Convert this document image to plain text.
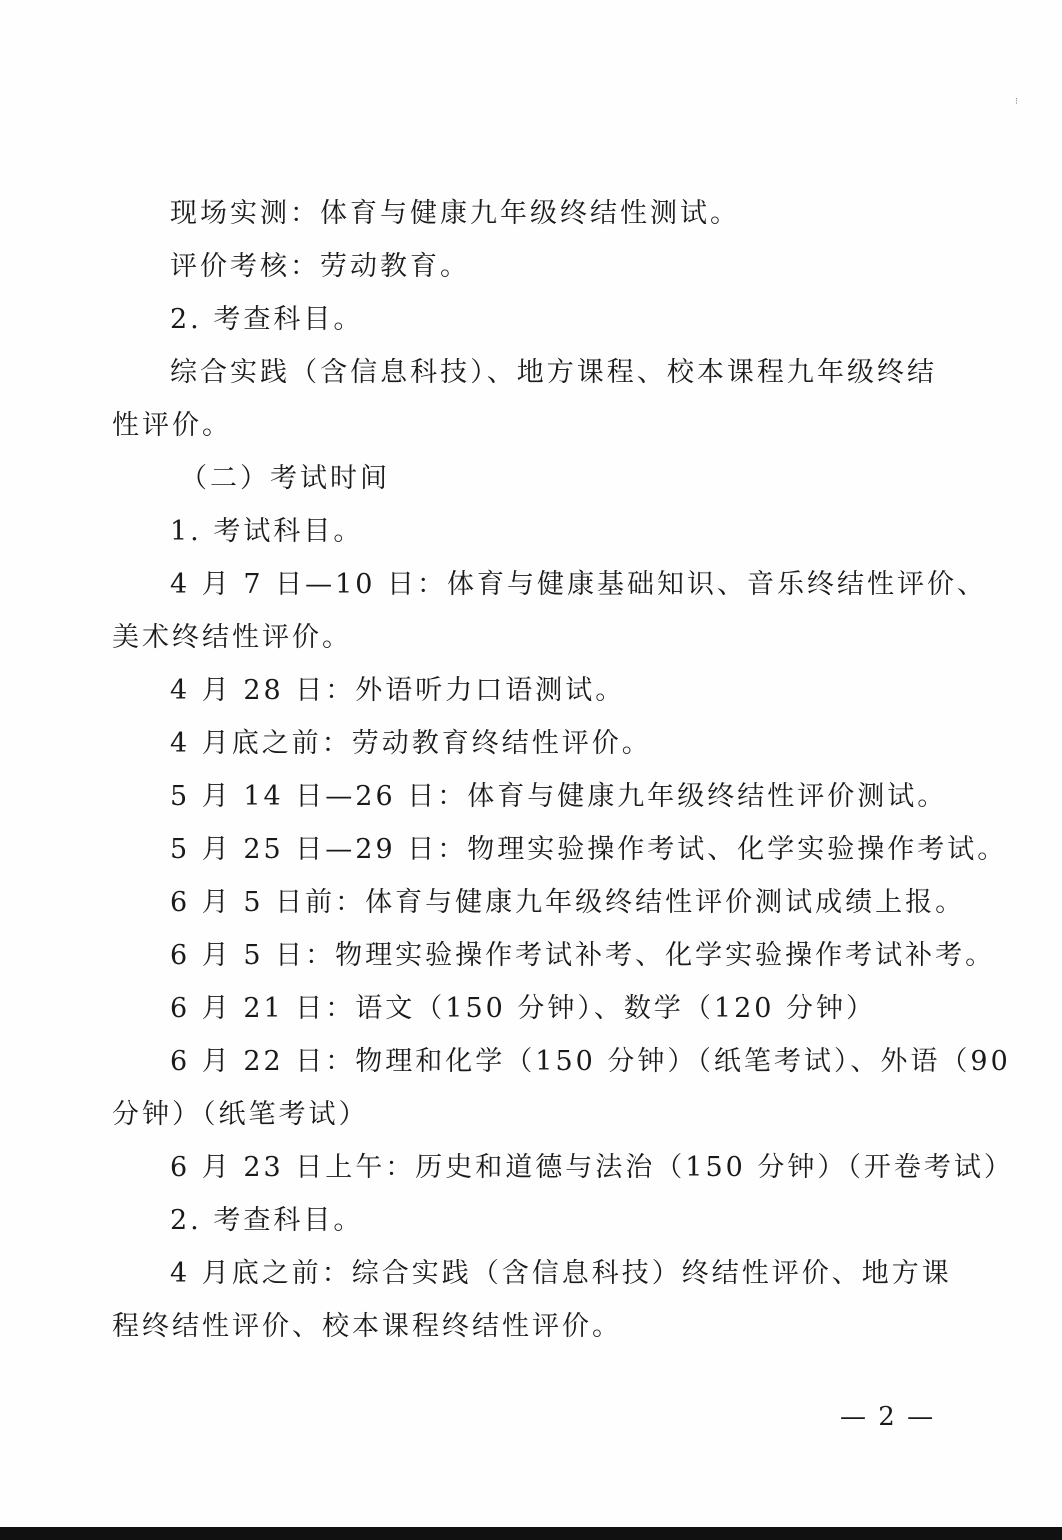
⁝
现场实测：体育与健康九年级终结性测试。
评价考核：劳动教育。
2. 考查科目。
综合实践（含信息科技）、地方课程、校本课程九年级终结
性评价。
（二）考试时间
1. 考试科目。
4 月 7 日—10 日：体育与健康基础知识、音乐终结性评价、
美术终结性评价。
4 月 28 日：外语听力口语测试。
4 月底之前：劳动教育终结性评价。
5 月 14 日—26 日：体育与健康九年级终结性评价测试。
5 月 25 日—29 日：物理实验操作考试、化学实验操作考试。
6 月 5 日前：体育与健康九年级终结性评价测试成绩上报。
6 月 5 日：物理实验操作考试补考、化学实验操作考试补考。
6 月 21 日：语文（150 分钟）、数学（120 分钟）
6 月 22 日：物理和化学（150 分钟）（纸笔考试）、外语（90
分钟）（纸笔考试）
6 月 23 日上午：历史和道德与法治（150 分钟）（开卷考试）
2. 考查科目。
4 月底之前：综合实践（含信息科技）终结性评价、地方课
程终结性评价、校本课程终结性评价。
— 2 —
